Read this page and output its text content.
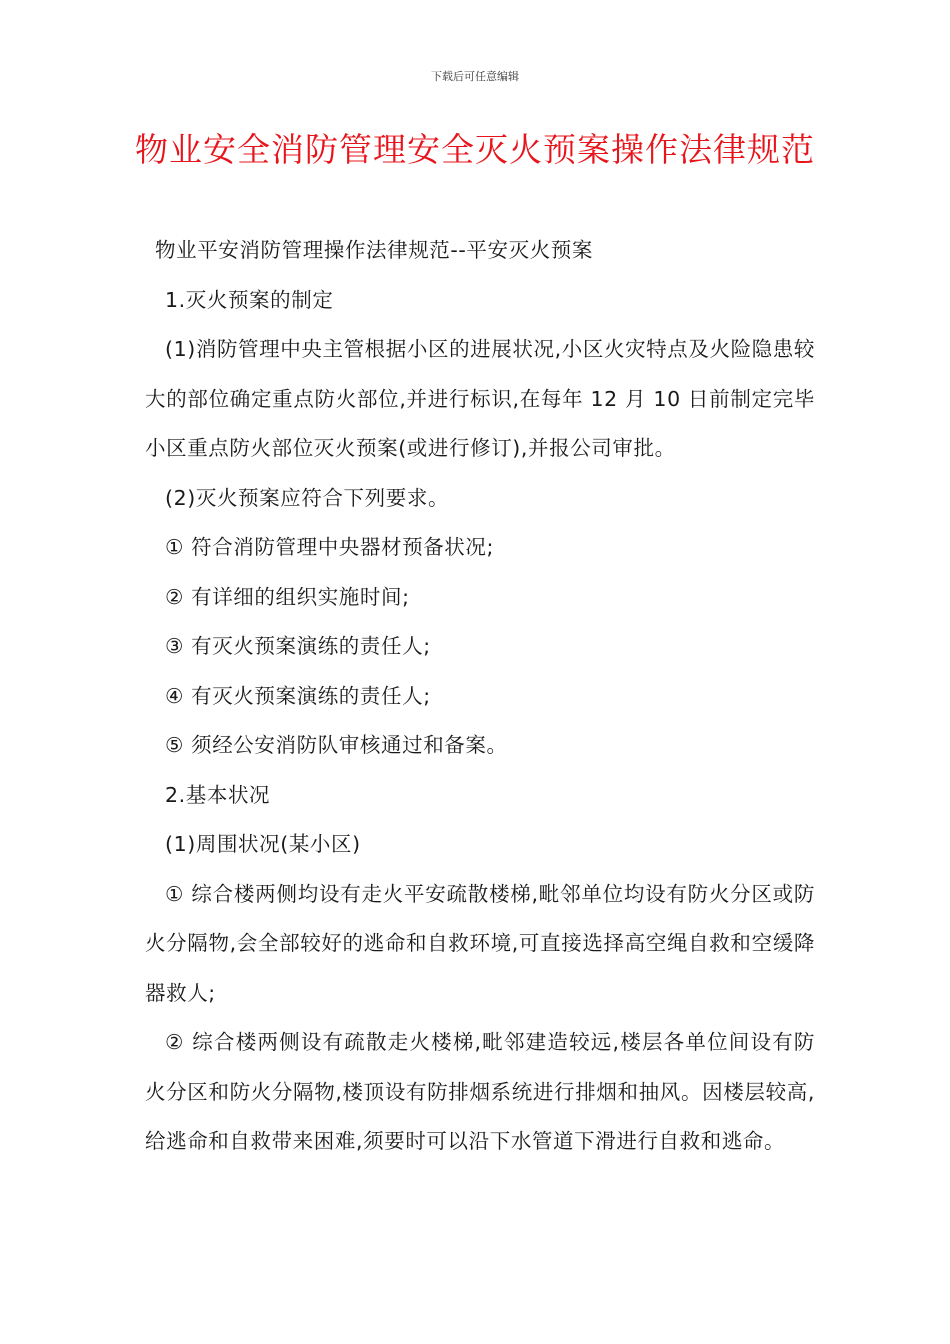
下载后可任意编辑
物业安全消防管理安全灭火预案操作法律规范

物业平安消防管理操作法律规范--平安灭火预案

1.灭火预案的制定

(1)消防管理中央主管根据小区的进展状况,小区火灾特点及火险隐患较大的部位确定重点防火部位,并进行标识,在每年 12 月 10 日前制定完毕小区重点防火部位灭火预案(或进行修订),并报公司审批。

(2)灭火预案应符合下列要求。

① 符合消防管理中央器材预备状况;

② 有详细的组织实施时间;

③ 有灭火预案演练的责任人;

④ 有灭火预案演练的责任人;

⑤ 须经公安消防队审核通过和备案。

2.基本状况

(1)周围状况(某小区)

① 综合楼两侧均设有走火平安疏散楼梯,毗邻单位均设有防火分区或防火分隔物,会全部较好的逃命和自救环境,可直接选择高空绳自救和空缓降器救人;

② 综合楼两侧设有疏散走火楼梯,毗邻建造较远,楼层各单位间设有防火分区和防火分隔物,楼顶设有防排烟系统进行排烟和抽风。因楼层较高,给逃命和自救带来困难,须要时可以沿下水管道下滑进行自救和逃命。
